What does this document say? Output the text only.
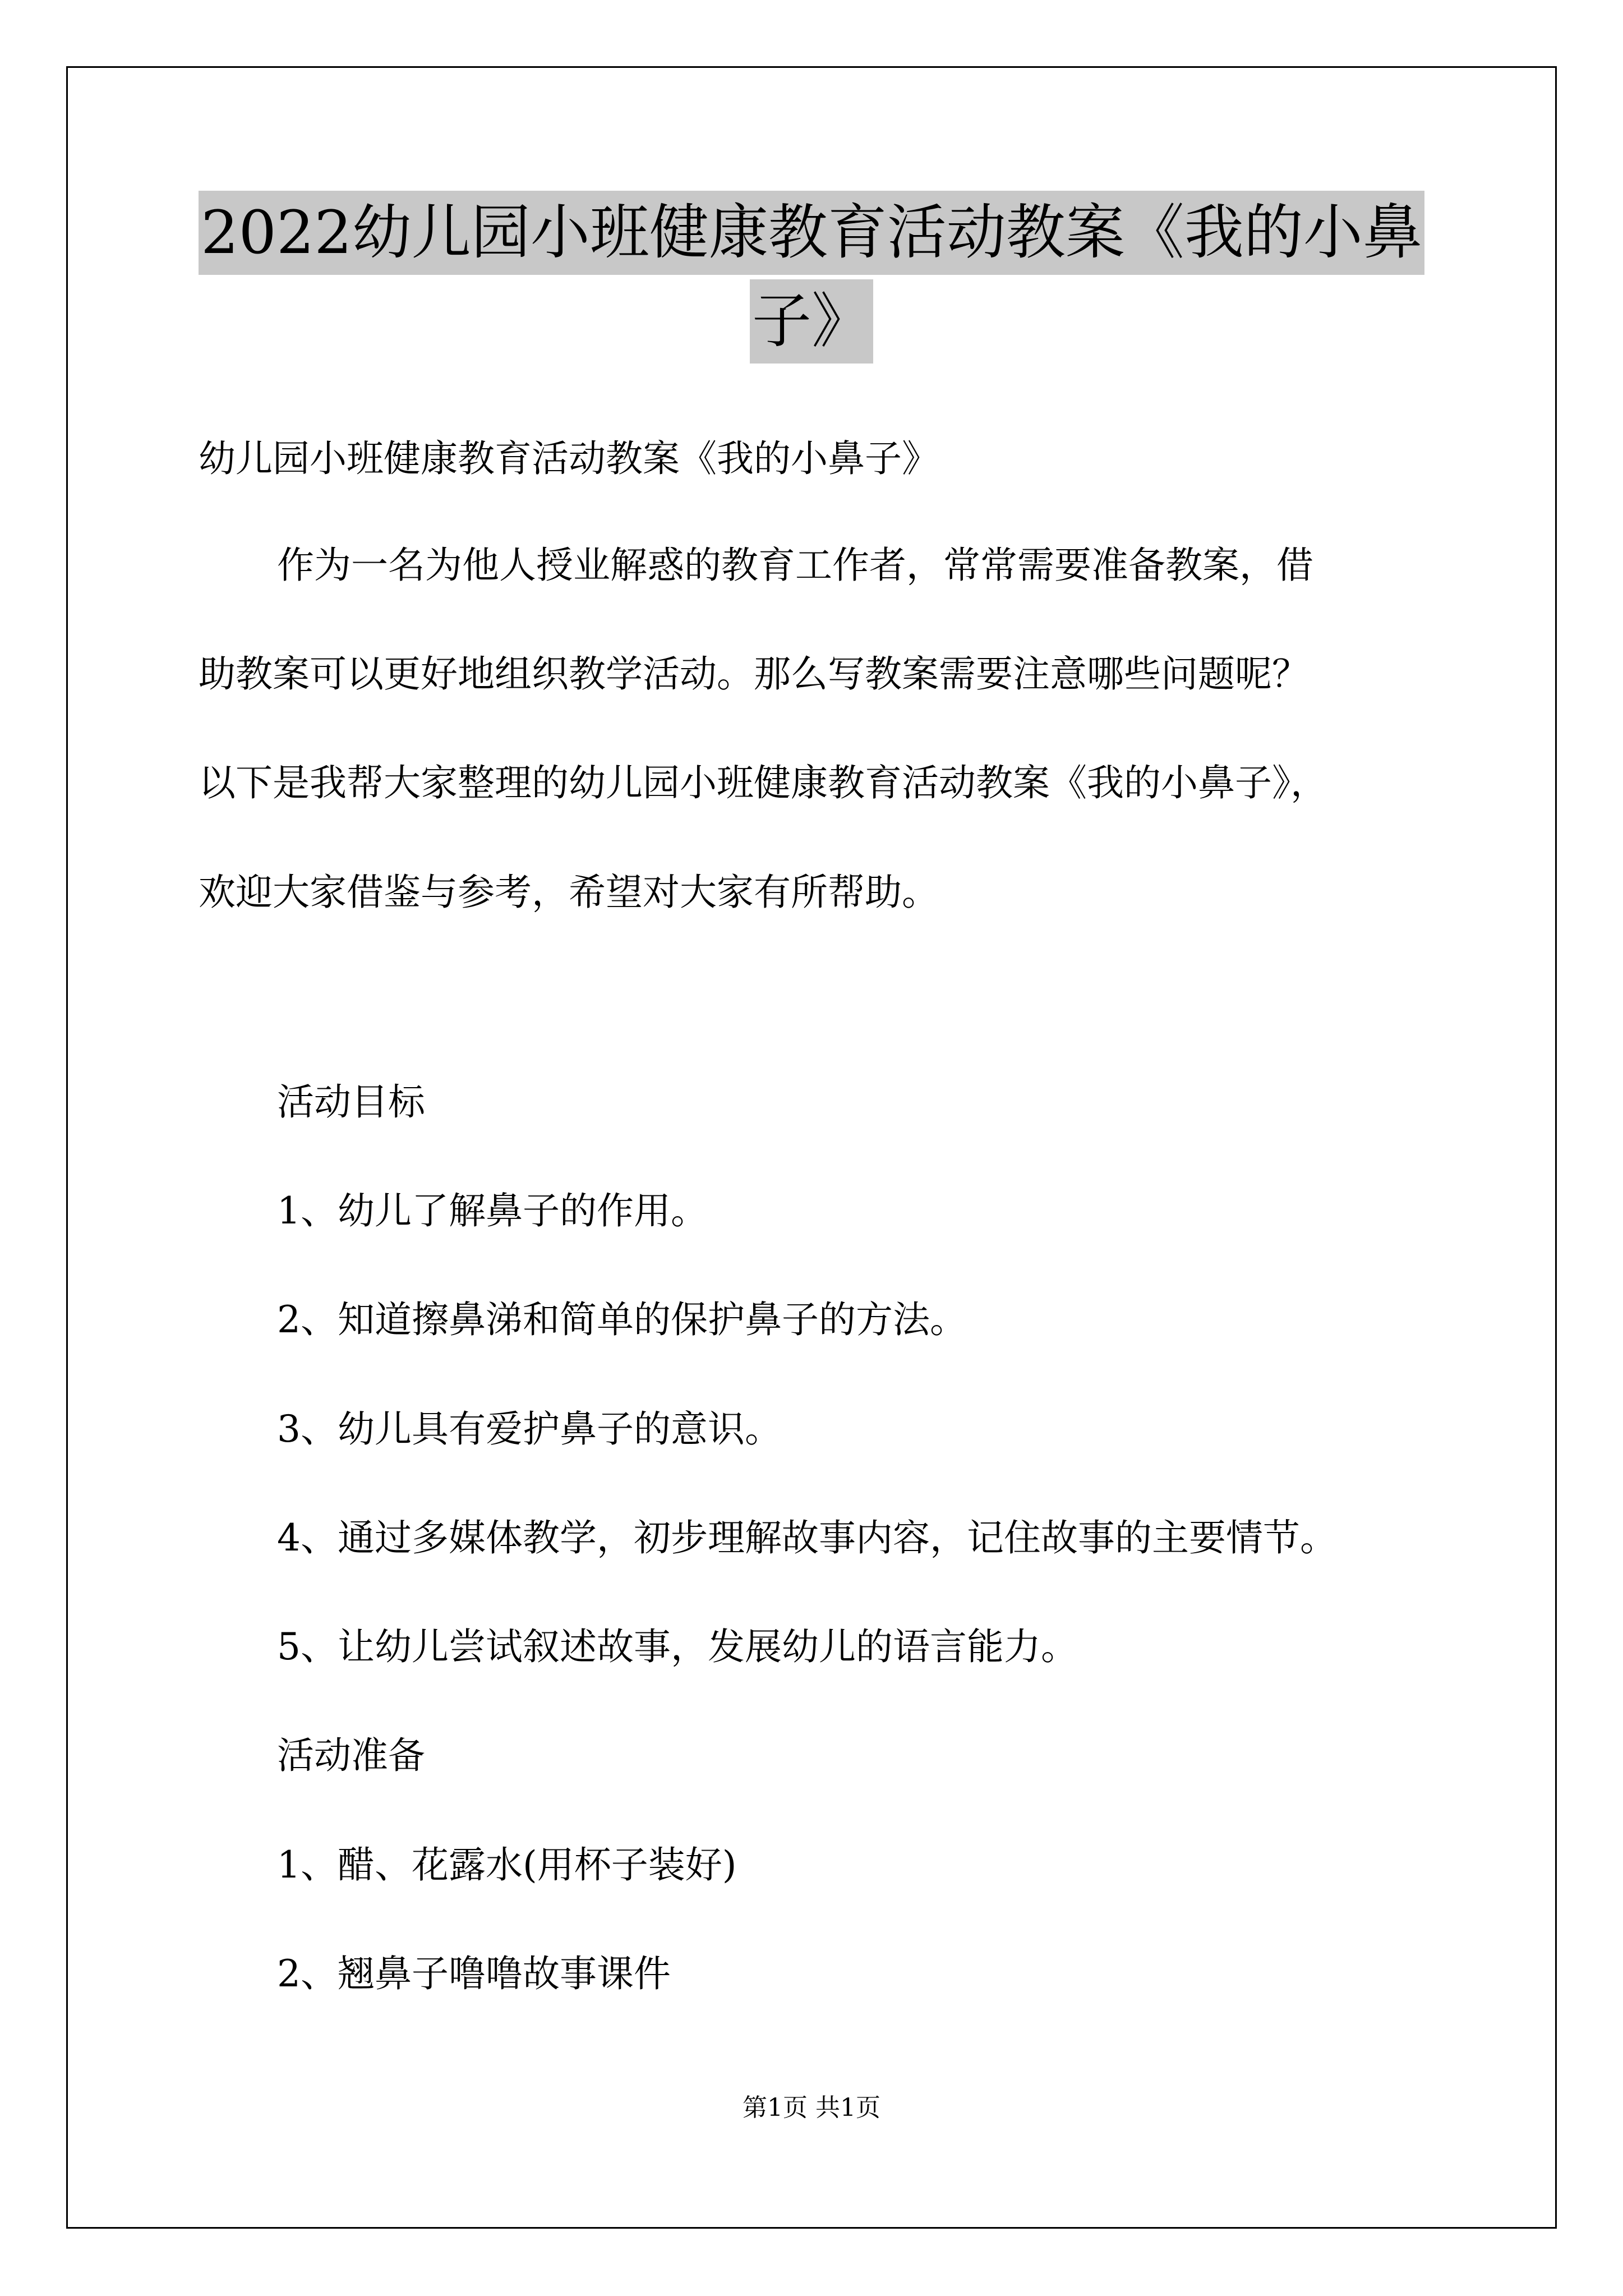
2022幼儿园小班健康教育活动教案《我的小鼻
子》
幼儿园小班健康教育活动教案《我的小鼻子》
作为一名为他人授业解惑的教育工作者，常常需要准备教案，借
助教案可以更好地组织教学活动。那么写教案需要注意哪些问题呢？
以下是我帮大家整理的幼儿园小班健康教育活动教案《我的小鼻子》，
欢迎大家借鉴与参考，希望对大家有所帮助。
活动目标
1、幼儿了解鼻子的作用。
2、知道擦鼻涕和简单的保护鼻子的方法。
3、幼儿具有爱护鼻子的意识。
4、通过多媒体教学，初步理解故事内容，记住故事的主要情节。
5、让幼儿尝试叙述故事，发展幼儿的语言能力。
活动准备
1、醋、花露水(用杯子装好)
2、翘鼻子噜噜故事课件
第1页 共1页
